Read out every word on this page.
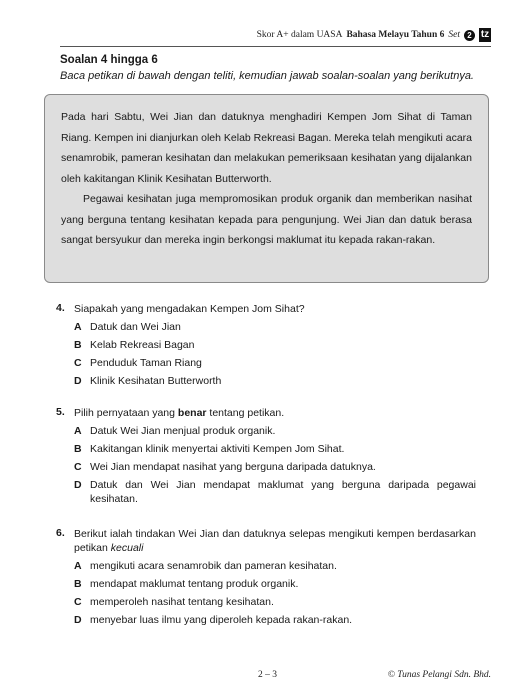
Skor A+ dalam UASA Bahasa Melayu Tahun 6 Set 2 tz
Soalan 4 hingga 6
Baca petikan di bawah dengan teliti, kemudian jawab soalan-soalan yang berikutnya.

Pada hari Sabtu, Wei Jian dan datuknya menghadiri Kempen Jom Sihat di Taman Riang. Kempen ini dianjurkan oleh Kelab Rekreasi Bagan. Mereka telah mengikuti acara senamrobik, pameran kesihatan dan melakukan pemeriksaan kesihatan yang dijalankan oleh kakitangan Klinik Kesihatan Butterworth.

Pegawai kesihatan juga mempromosikan produk organik dan memberikan nasihat yang berguna tentang kesihatan kepada para pengunjung. Wei Jian dan datuk berasa sangat bersyukur dan mereka ingin berkongsi maklumat itu kepada rakan-rakan.

4. Siapakah yang mengadakan Kempen Jom Sihat?
A Datuk dan Wei Jian
B Kelab Rekreasi Bagan
C Penduduk Taman Riang
D Klinik Kesihatan Butterworth
5. Pilih pernyataan yang benar tentang petikan.
A Datuk Wei Jian menjual produk organik.
B Kakitangan klinik menyertai aktiviti Kempen Jom Sihat.
C Wei Jian mendapat nasihat yang berguna daripada datuknya.
D Datuk dan Wei Jian mendapat maklumat yang berguna daripada pegawai kesihatan.
6. Berikut ialah tindakan Wei Jian dan datuknya selepas mengikuti kempen berdasarkan petikan kecuali
A mengikuti acara senamrobik dan pameran kesihatan.
B mendapat maklumat tentang produk organik.
C memperoleh nasihat tentang kesihatan.
D menyebar luas ilmu yang diperoleh kepada rakan-rakan.
2 – 3	© Tunas Pelangi Sdn. Bhd.
